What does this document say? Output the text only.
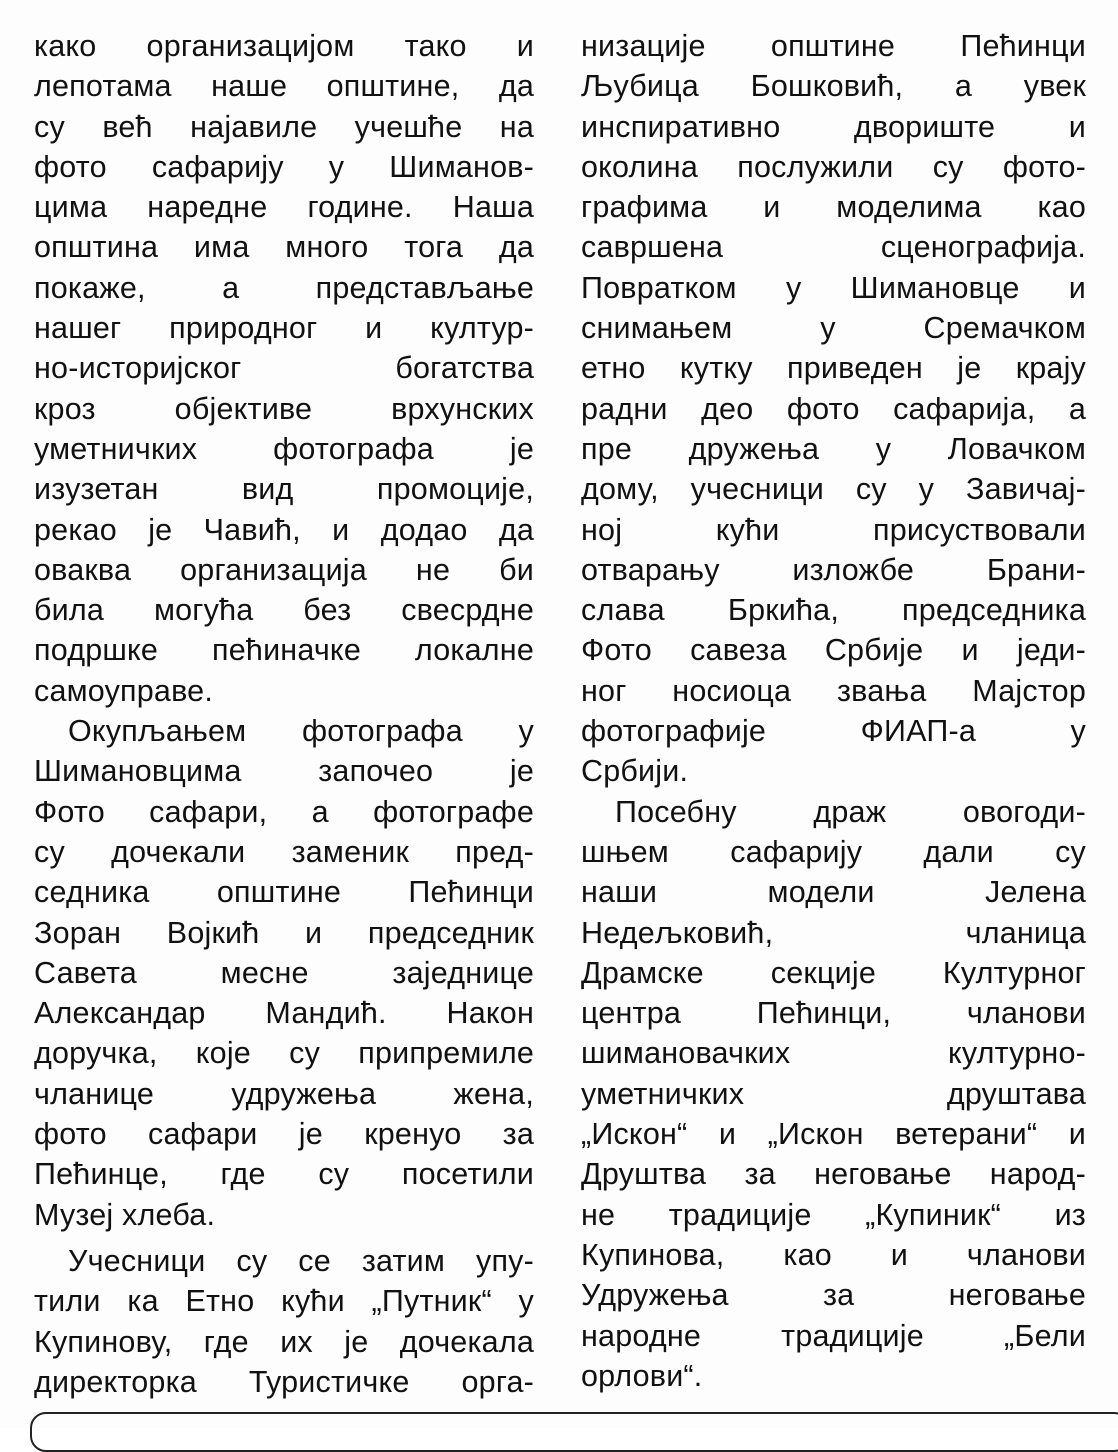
како организацијом тако и
лепотама наше општине, да
су већ најавиле учешће на
фото сафарију у Шиманов-
цима наредне године. Наша
општина има много тога да
покаже, а представљање
нашег природног и култур-
но-историјског богатства
кроз објективе врхунских
уметничких фотографа је
изузетан вид промоције,
рекао је Чавић, и додао да
оваква организација не би
била могућа без свесрдне
подршке пећиначке локалне
самоуправе.
Окупљањем фотографа у
Шимановцима започео је
Фото сафари, а фотографе
су дочекали заменик пред-
седника општине Пећинци
Зоран Војкић и председник
Савета месне заједнице
Александар Мандић. Након
доручка, које су припремиле
чланице удружења жена,
фото сафари је кренуо за
Пећинце, где су посетили
Музеј хлеба.
Учесници су се затим упу-
тили ка Етно кући „Путник“ у
Купинову, где их је дочекала
директорка Туристичке орга-
низације општине Пећинци
Љубица Бошковић, а увек
инспиративно двориште и
околина послужили су фото-
графима и моделима као
савршена сценографија.
Повратком у Шимановце и
снимањем у Сремачком
етно кутку приведен је крају
радни део фото сафарија, а
пре дружења у Ловачком
дому, учесници су у Завичај-
ној кући присуствовали
отварању изложбе Брани-
слава Бркића, председника
Фото савеза Србије и једи-
ног носиоца звања Мајстор
фотографије ФИАП-а у
Србији.
Посебну драж овогоди-
шњем сафарију дали су
наши модели Јелена
Недељковић, чланица
Драмске секције Културног
центра Пећинци, чланови
шимановачких културно-
уметничких друштава
„Искон“ и „Искон ветерани“ и
Друштва за неговање народ-
не традиције „Купиник“ из
Купинова, као и чланови
Удружења за неговање
народне традиције „Бели
орлови“.
